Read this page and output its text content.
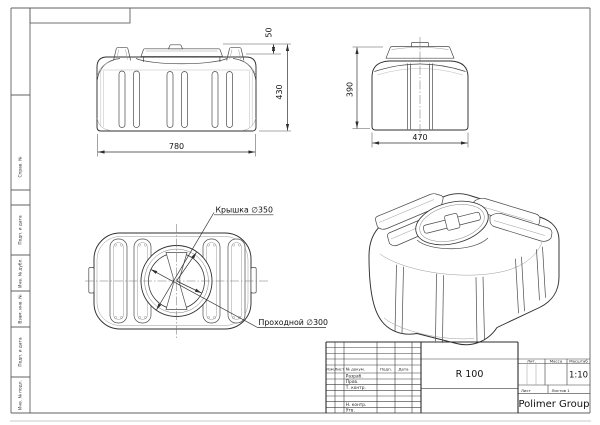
Справ. №
Подп. и дата
Инв. № дубл.
Взам. инв. №
Подп. и дата
Инв. № подл.
50
430
780
390
470
Крышка ∅350
Проходной ∅300
Изм. Лист № докум.	Подп. Дата
Разраб.
Пров.
Т. контр.
Н. контр.
Утв.
R 100
Лит.	Масса Масштаб
1:10
Лист	Листов 1
Polimer Group
